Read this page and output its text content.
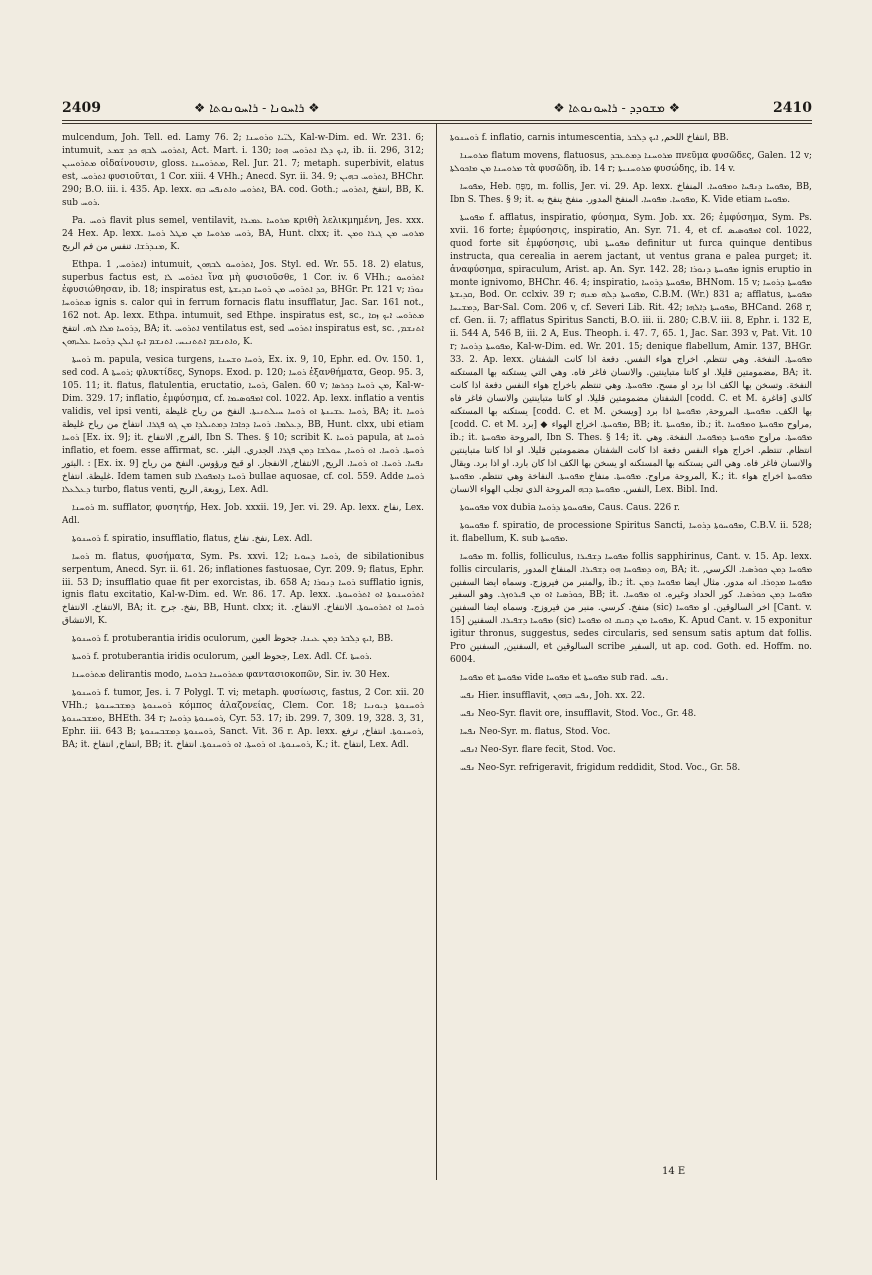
2409	❖ ܪܐܚܘܢܐ - ܪܐܚܘܢܘܬܐ ❖	❖ ܡܫܘܕܕ - ܪܐܚܘܢܘܬܐ ❖	2410

mulcendum, Joh. Tell. ed. Lamy 76. 2; ܠܝ̈ܝܐ ܘܪܘܚܢܐ, Kal-w-Dim. ed. Wr. 231. 6; intumuit, ܐܬܪܘܚ ܠܒܗ ܟܕ ܫܡܥ, Act. Mart. i. 130; ܐܝܟ ܕܠܐ ܐܬܪܘܚ ܗܘܐ, ib. ii. 296, 312; ܡܬܪܘܚܝܢ οἰδαίνουσιν, gloss. ܡܬܪܘܚܢܐ, Rel. Jur. 21. 7; metaph. superbivit, elatus est, ܐܬܪܘܚ φυσιοῦται, 1 Cor. xiii. 4 VHh.; Anecd. Syr. ii. 34. 9; ܐܬܪܘܚ ܒܗܝܢ, BHChr. 290; B.O. iii. i. 435. Ap. lexx. ܐܬܪܘܚ ܘܐܬܢܦܚ ܒܗ, BA. cod. Goth.; انتفخ ,ܐܬܪܘܚ, BB, K. sub ܪܘܚ.

Pa. ܪܘܚ flavit plus semel, ventilavit, ܡܪܘܚܐ ܥܡܝܪܐ κριθὴ λελικμημένη, Jes. xxx. 24 Hex. Ap. lexx. ܪܘܚ ܡܪܘܚܐ ܡܢ ܡܛܠ ܪܘܚܐ, BA, Hunt. clxx; it. ܡܪܘܚ ܡܢ ܓܝܪܐ ܘܡܢ ܡܢܕܪܫܐ. تنفس من فم الريح, K.

Ethpa. ܐܬܪܘܚ, 1) intumuit, ܐܬܪܘܚܘ ܠܒܗܘܢ, Jos. Styl. ed. Wr. 55. 18. 2) elatus, superbus factus est, ܐܬܪܘܚ ܠܐ ἵνα μὴ φυσιοῦσθε, 1 Cor. iv. 6 VHh.; ܐܬܪܘܚܘ ἐφυσιώθησαν, ib. 18; inspiratus est, ܟܕ ܐܬܪܘܚ ܡܢ ܪܘܚܐ ܩܕܝܫܬܐ, BHGr. Pr. 121 v; ܢܘܪܐ ܡܬܪܘܚܐ ignis s. calor qui in ferrum fornacis flatu insufflatur, Jac. Sar. 161 not., 162 not. Ap. lexx. Ethpa. intumuit, sed Ethpe. inspiratus est, sc., ܡܬܪܘܚ ܐܝܟ ܙܩܐ ܕܪܘܚܐ ܡܠܐ ܠܗ. انتفخ, BA; it. ܐܬܪܘܚ ventilatus est, sed ܐܬܪܘܚ inspiratus est, sc. ܐܬܢܫܡ, ܘܐܬܢܫܡ ܐܬܬܢܝܚ. ܐܬܢܫܡ ܐܝܟ ܐܝܠܢ ܕܪܘܚܐ ܥܠܝܗܘܢ, K.

ܪܘܚܬܐ m. papula, vesica turgens, ܪܘܚܐ ܘܫܚܢܐ, Ex. ix. 9, 10, Ephr. ed. Ov. 150. 1, sed cod. A ܪܘܚܬܐ; φλυκτίδες, Synops. Exod. p. 120; ܪܘܚܐ ἐξανθήματα, Geop. 95. 3, 105. 11; it. flatus, flatulentia, eructatio, ܪܘܚܐ, Galen. 60 v; ܡܢ ܪܘܚܐ ܕܟܪܣܐ, Kal-w-Dim. 329. 17; inflatio, ἐμφύσημα, cf. ܐܡܦܘܣܝܡܐ col. 1022. Ap. lexx. inflatio a ventis validis, vel ipsi venti, ܪܘܚܐ ܥܫܝܢܬܐ ܐܘ ܪܘܚܐ ܚܝܠܬܢܝܬܐ. النفخ من رياح غليظة, BA; it. ܪܘܚܐ ܕܥܠܡܐ. ܪܘܚܐ ܕܟܐܒܐ ܕܡܬܝܠܕܐ ܡܢ ܓܘ ܦܓܪܐ. انتفاخ من رياح غليظة, BB, Hunt. clxx, ubi etiam ܪܘܚܐ [Ex. ix. 9]; it. الفرج, الانتفاخ, Ibn S. Thes. § 10; scribit K. ܪܘܚܐ papula, at ܪܘܚܐ inflatio, et foem. esse affirmat, sc. ܪܘܚܬܐ. ܪܘܚܐ. ܐܘ ܪܘܚܐ, ܚܘܠܫܐ ܕܡܢ ܦܓܪܐ. الجدري. البثر. البثور. : [Ex. ix. 9] ܢܦܚܐ. ܪܘܚܐ. ܐܘ ܪܘܚܐ. الريح, الانتفاخ, الانفجار. او قيح ورؤوس. النفخ من رياح غليظة. انتفاخ. Idem tamen sub ܪܘܚܐ ܕܐܡܦܘܠܐ bullae aquosae, cf. col. 559. Adde ܪܘܚܐ ܕܥܠܥܠܐ turbo, flatus venti, زوبعة, الريح, Lex. Adl.

ܪܘܚܢܐ m. sufflator, φυσητήρ, Hex. Job. xxxii. 19, Jer. vi. 29. Ap. lexx. نفاخ, Lex. Adl.

ܪܘܚܢܘܬܐ f. spiratio, insufflatio, flatus, نفخ. نفاخ, Lex. Adl.

ܪܘܚܐ m. flatus, φυσήματα, Sym. Ps. xxvi. 12; ܪܘܚܐ ܕܚܘܝܐ, de sibilationibus serpentum, Anecd. Syr. ii. 61. 26; inflationes fastuosae, Cyr. 209. 9; flatus, Ephr. iii. 53 D; insufflatio quae fit per exorcistas, ib. 658 A; ܪܘܚܐ ܕܢܘܪܐ sufflatio ignis, ignis flatu excitatio, Kal-w-Dim. ed. Wr. 86. 17. Ap. lexx. ܐܬܪܘܚܢܘܬܐ ܐܘ ܐܬܪܘܚܘܬܐ. الانتفاخ. الانتفاخ, BA; it. نفخ. جرح, BB, Hunt. clxx; it. ܪܘܚܐ ܐܘ ܐܬܪܘܚܘܬܐ. الانتفاخ. الانتفاخ. الانتشاق, K.

ܪܘܚܢܘܬܐ f. protuberantia iridis oculorum, ܐܝܟ ܕܠܒܪ ܕܡܢ ܥܝܢܐ. جحوظ العين, BB.

ܪܘܚܬܐ f. protuberantia iridis oculorum, جحوظ العين, Lex. Adl. Cf. ܪܘܚܬܐ.

ܡܬܪܘܚܢܐ delirantis modo, ܡܬܪܘܚܢܐ ܒܪܘܚܐ φαντασιοκοπῶν, Sir. iv. 30 Hex.

ܪܘܚܢܘܬܐ f. tumor, Jes. i. 7 Polygl. T. vi; metaph. φυσίωσις, fastus, 2 Cor. xii. 20 VHh.; ܪܘܚܢܘܬܐ ܕܡܫܒܚܢܘܬܐ κόμπος ἀλαζονείας, Clem. Cor. 18; ܪܘܚܢܘܬܐ ܕܝܘܢܝܐ ܘܡܫܒܚܢܘܬܐ, BHEth. 34 r; ܪܘܚܢܘܬܐ ܕܪܘܚܐ, Cyr. 53. 17; ib. 299. 7, 309. 19, 328. 3, 31, Ephr. iii. 643 B; ܪܘܚܢܘܬܐ ܕܡܫܒܚܢܘܬܐ, Sanct. Vit. 36 r. Ap. lexx. ܪܘܚܢܘܬܐ. انتفاخ, ترفع, BA; it. انتفاخ, انتفاخ, BB; it. ܪܘܚܢܘܬܐ. ܐܘ ܪܘܚܬܐ. ܐܘ ܪܘܚܢܘܬܐ. انتفاخ, K.; it. انتفاخ, Lex. Adl.

ܪܘܚܢܘܬܐ f. inflatio, carnis intumescentia, انتفاخ اللحم, ܐܝܟ ܕܠܒܪ, BB.

ܡܪܘܚܢܐ flatum movens, flatuosus, ܡܪܘܚܢܐ ܕܡܬܥܒܕ πνεῦμα φυσῶδες, Galen. 12 v; ܡܪܘܚܢܐ ܡܢ ܡܐܟܘܠܬܐ τὰ φυσῶδη, ib. 14 r; ܡܪܘܚܢܝܬܐ φυσώδης, ib. 14 v.

ܡܦܘܚܐ, Heb. מַפֻּחַ, m. follis, Jer. vi. 29. Ap. lexx. ܡܦܘܚܐ ܕܢܦܚܐ ܘܡܦܘܚܐ. المنفاخ, BB, Ibn S. Thes. § 9; it. ܡܦܘܚܐ. ܡܦܘܚܐ. المنفخ المدور. منفخ ينفخ به, K. Vide etiam ܡܦܘܚܐ.

ܡܦܘܚܬܐ f. afflatus, inspiratio, φύσημα, Sym. Job. xx. 26; ἐμφύσημα, Sym. Ps. xvii. 16 forte; ἐμφύσησις, inspiratio, An. Syr. 71. 4, et cf. ܐܡܦܘܣܝܣ col. 1022, quod forte sit ἐμφύσησις, ubi ܡܦܘܚܬܐ definitur ut furca quinque dentibus instructa, qua cerealia in aerem jactant, ut ventus grana e palea purget; it. ἀναφύσημα, spiraculum, Arist. ap. An. Syr. 142. 28; ܡܦܘܚܬܐ ܕܢܘܪܐ ignis eruptio in monte ignivomo, BHChr. 46. 4; inspiratio, ܡܦܘܚܬܐ ܕܪܘܚܐ, BHNom. 15 v; ܡܦܘܚܬܐ ܕܪܘܚܐ ܩܕܝܫܬܐ, Bod. Or. cclxiv. 39 r; ܡܦܘܚܬܐ ܕܠܗ ܡܢܗ, C.B.M. (Wr.) 831 a; afflatus, ܡܦܘܚܬܐ ܕܡܫܝܚܐ, Bar-Sal. Com. 206 v, cf. Severi Lib. Rit. 42; ܡܦܘܚܬܐ ܕܐܠܗܐ, BHCand. 268 r, cf. Gen. ii. 7; afflatus Spiritus Sancti, B.O. iii. ii. 280; C.B.V. iii. 8, Ephr. i. 132 E, ii. 544 A, 546 B, iii. 2 A, Eus. Theoph. i. 47. 7, 65. 1, Jac. Sar. 393 v, Pat. Vit. 10 r; ܡܦܘܚܬܐ ܕܪܘܚܐ, Kal-w-Dim. ed. Wr. 201. 15; denique flabellum, Amir. 137, BHGr. 33. 2. Ap. lexx. ܡܦܘܚܬܐ. النفخة. وهي تنتظم. اخراج هواء النفس. دفعة اذا كانت الشفتان مضمومتين قليلا. او كانتا متباينتين. والانسان فاغر فاه. وهي التي يستكنه بها المستكنه, BA; it. النفخة. وتسخن بها الكف اذا برد او مسح. ܡܦܘܚܬܐ. وهي تنتظم باخراج هواء النفس دفعة اذا كانت الشفتان مضمومتين قليلا. او كانتا متباينتين والانسان فاغر فاه [codd. C. et M. فاغرة] كالذي يستكنه بها المستكنه [codd. C. et M. ويسخن] بها الكف. ܡܦܘܚܬܐ. المروحة, ܡܦܘܚܬܐ اذا برد [codd. C. et M. برد] ◆ ܡܦܘܚܬܐ. اخراج الهواء, BB; it. ܡܦܘܚܬܐ, ib.; it. مراوح ܡܦܘܚܬܐ ܘܡܦܘܚܐ, ib.; it. المروحة ܡܦܘܚܬܐ, Ibn S. Thes. § 14; it. ܡܦܘܚܬܐ. مراوح ܡܦܘܚܬܐ ܕܡܦܘܚܐ. النفخة. وهي انتظام. تنتظم. اخراج هواء النفس دفعة اذا كانت الشفتان مضمومتين قليلا. او اذا كانتا متباينتين والانسان فاغر فاه. وهي التي يستكنه بها المستكنه او يسخن بها الكف اذا كان بارد. او اذا برد. ويقال المروحة مراوح. ܡܦܘܚܬܐ. منفاخ ܡܦܘܚܬܐ. النفاخة وهي تنتظم. ܡܦܘܚܬܐ, K.; it. ܡܦܘܚܬܐ اخراج هواء النفس. ܡܦܘܚܬܐ ܕܒܗ المروحة الذي تجلب الهواء الانسان, Lex. Bibl. Ind.

ܡܦܘܚܘܬܐ vox dubia ܡܦܘܚܘܬܐ ܕܪܘܚܐ, Caus. Caus. 226 r.

ܡܦܘܚܘܬܐ f. spiratio, de processione Spiritus Sancti, ܡܦܘܚܘܬܐ ܕܪܘܚܐ, C.B.V. ii. 528; it. flabellum, K. sub ܡܦܘܚܬܐ.

ܡܦܘܚܐ m. follis, folliculus, ܡܦܘܚܐ ܕܫܦܝܪܐ follis sapphirinus, Cant. v. 15. Ap. lexx. follis circularis, ܗܘ ܕܡܦܘܚܐ ܗܘ ܕܫܦܝܪܐ. المنفاخ المدور, BA; it. ܡܦܘܚܐ ܕܡܢ ܟܘܪܣܝܐ. الكرسي, والمنبر من فيروزج. وسماه ايضا السفنين, ib.; it. ܡܦܘܚܐ ܡܕܘܪܐ. انه مدور. مثال ايضا ܡܦܘܚܐ ܕܡܢ ܟܘܪܣܝܐ ܐܘ ܡܢ ܦܝܪܘܙܓ. وهو السفير, BB; it. ܡܦܘܚܐ ܕܡܢ ܟܘܪܣܝܐ. كور الحداد وغيره. ܐܘ ܡܦܘܚܐ. منفخ. كرسي. منبر من فيروزج. وسماه ايضا السفنين (sic) اخر السالوقين. او ܡܦܘܚܐ [Cant. v. 15] ܡܦܘܚܐ ܕܫܦܝܪܐ. السفنين (sic) ܡܦܘܚܐ ܡܢ ܕܩܝܩ ܐܘ ܡܦܘܚܐ, K. Apud Cant. v. 15 exponitur igitur thronus, suggestus, sedes circularis, sed sensum satis aptum dat follis. Pro السفنين, السفنين, et السالوقين scribe السفير, ut ap. cod. Goth. ed. Hoffm. no. 6004.

ܡܦܘܚܐ et ܡܦܘܚܬܐ vide ܡܦܘܚܐ et ܡܦܘܚܬܐ sub rad. ܢܦܚ.

ܢܦܚ Hier. insufflavit, ܢܦܚ ܒܗܘܢ, Joh. xx. 22.

ܢܦܚ Neo-Syr. flavit ore, insufflavit, Stod. Voc., Gr. 48.

ܢܦܚܐ Neo-Syr. m. flatus, Stod. Voc.

ܐܢܦܚ Neo-Syr. flare fecit, Stod. Voc.

ܢܦܚ Neo-Syr. refrigeravit, frigidum reddidit, Stod. Voc., Gr. 58.

14 E
